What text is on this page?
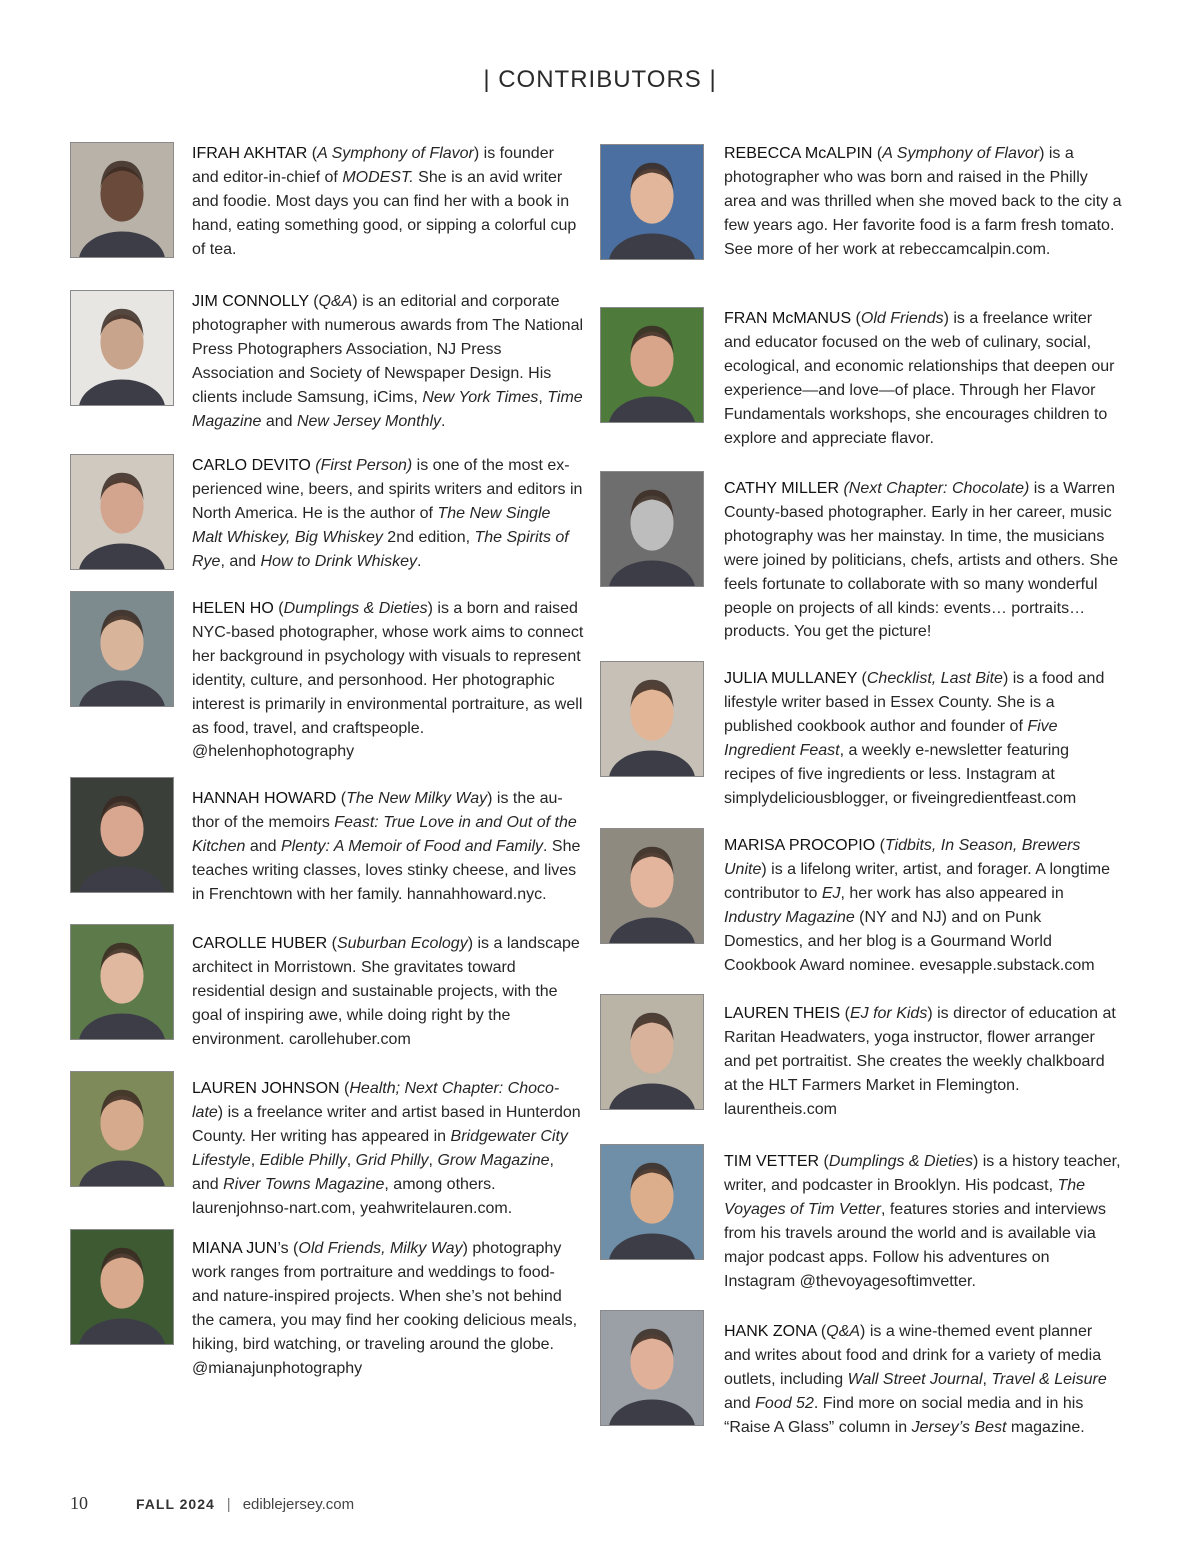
| CONTRIBUTORS |

IFRAH AKHTAR (A Symphony of Flavor) is founder and editor-in-chief of MODEST. She is an avid writer and foodie. Most days you can find her with a book in hand, eating something good, or sipping a colorful cup of tea.

JIM CONNOLLY (Q&A) is an editorial and corporate photographer with numerous awards from The National Press Photographers Association, NJ Press Association and Society of Newspaper Design. His clients include Samsung, iCims, New York Times, Time Magazine and New Jersey Monthly.

CARLO DEVITO (First Person) is one of the most ex-perienced wine, beers, and spirits writers and editors in North America. He is the author of The New Single Malt Whiskey, Big Whiskey 2nd edition, The Spirits of Rye, and How to Drink Whiskey.

HELEN HO (Dumplings & Dieties) is a born and raised NYC-based photographer, whose work aims to connect her background in psychology with visuals to represent identity, culture, and personhood. Her photographic interest is primarily in environmental portraiture, as well as food, travel, and craftspeople. @helenhophotography

HANNAH HOWARD (The New Milky Way) is the au-thor of the memoirs Feast: True Love in and Out of the Kitchen and Plenty: A Memoir of Food and Family. She teaches writing classes, loves stinky cheese, and lives in Frenchtown with her family. hannahhoward.nyc.

CAROLLE HUBER (Suburban Ecology) is a landscape architect in Morristown. She gravitates toward residential design and sustainable projects, with the goal of inspiring awe, while doing right by the environment. carollehuber.com

LAUREN JOHNSON (Health; Next Chapter: Choco-late) is a freelance writer and artist based in Hunterdon County. Her writing has appeared in Bridgewater City Lifestyle, Edible Philly, Grid Philly, Grow Magazine, and River Towns Magazine, among others. laurenjohnso-nart.com, yeahwritelauren.com.

MIANA JUN’s (Old Friends, Milky Way) photography work ranges from portraiture and weddings to food- and nature-inspired projects. When she’s not behind the camera, you may find her cooking delicious meals, hiking, bird watching, or traveling around the globe. @mianajunphotography

REBECCA McALPIN (A Symphony of Flavor) is a photographer who was born and raised in the Philly area and was thrilled when she moved back to the city a few years ago. Her favorite food is a farm fresh tomato. See more of her work at rebeccamcalpin.com.

FRAN McMANUS (Old Friends) is a freelance writer and educator focused on the web of culinary, social, ecological, and economic relationships that deepen our experience—and love—of place. Through her Flavor Fundamentals workshops, she encourages children to explore and appreciate flavor.

CATHY MILLER (Next Chapter: Chocolate) is a Warren County-based photographer. Early in her career, music photography was her mainstay. In time, the musicians were joined by politicians, chefs, artists and others. She feels fortunate to collaborate with so many wonderful people on projects of all kinds: events… portraits…products. You get the picture!

JULIA MULLANEY (Checklist, Last Bite) is a food and lifestyle writer based in Essex County. She is a published cookbook author and founder of Five Ingredient Feast, a weekly e-newsletter featuring recipes of five ingredients or less. Instagram at simplydeliciousblogger, or fiveingredientfeast.com

MARISA PROCOPIO (Tidbits, In Season, Brewers Unite) is a lifelong writer, artist, and forager. A longtime contributor to EJ, her work has also appeared in Industry Magazine (NY and NJ) and on Punk Domestics, and her blog is a Gourmand World Cookbook Award nominee. evesapple.substack.com

LAUREN THEIS (EJ for Kids) is director of education at Raritan Headwaters, yoga instructor, flower arranger and pet portraitist. She creates the weekly chalkboard at the HLT Farmers Market in Flemington. laurentheis.com

TIM VETTER (Dumplings & Dieties) is a history teacher, writer, and podcaster in Brooklyn. His podcast, The Voyages of Tim Vetter, features stories and interviews from his travels around the world and is available via major podcast apps. Follow his adventures on Instagram @thevoyagesoftimvetter.

HANK ZONA (Q&A) is a wine-themed event planner and writes about food and drink for a variety of media outlets, including Wall Street Journal, Travel & Leisure and Food 52. Find more on social media and in his “Raise A Glass” column in Jersey’s Best magazine.

10	FALL 2024 | ediblejersey.com
